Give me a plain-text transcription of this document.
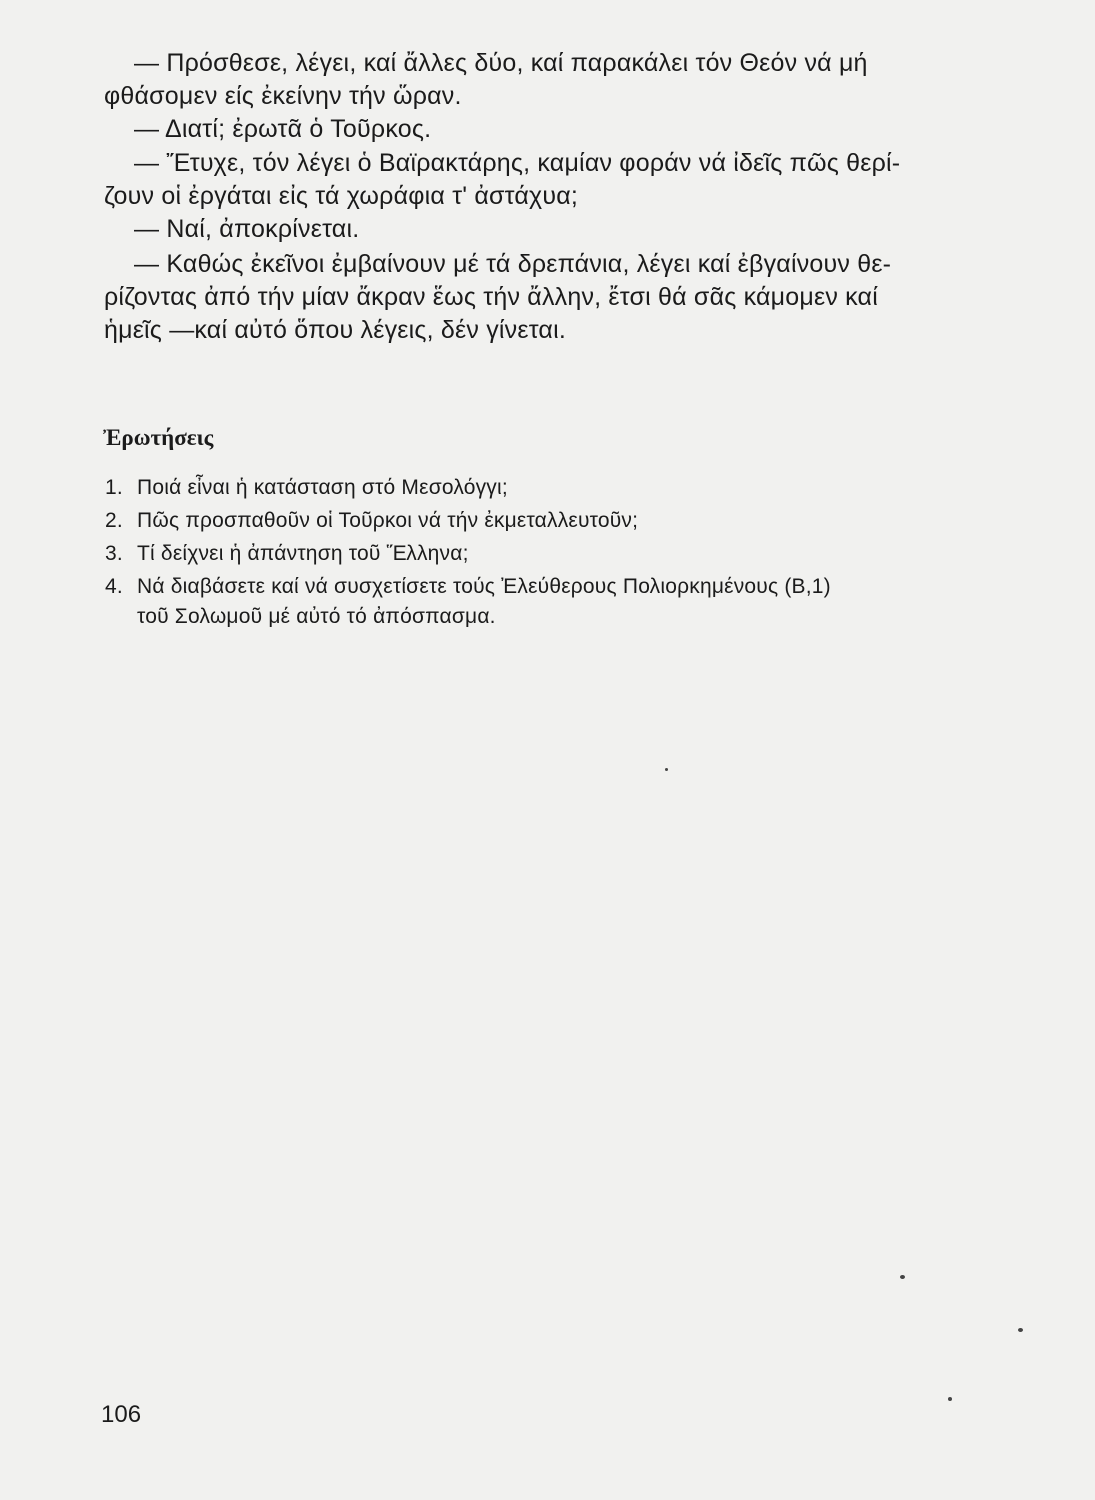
— Πρόσθεσε, λέγει, καί ἄλλες δύο, καί παρακάλει τόν Θεόν νά μή
φθάσομεν είς ἐκείνην τήν ὥραν.
— Διατί; ἐρωτᾶ ὁ Τοῦρκος.
— Ἔτυχε, τόν λέγει ὁ Βαϊρακτάρης, καμίαν φοράν νά ἰδεῖς πῶς θερί-
ζουν οἱ ἐργάται εἰς τά χωράφια τ' ἀστάχυα;
— Ναί, ἀποκρίνεται.
— Καθώς ἐκεῖνοι ἐμβαίνουν μέ τά δρεπάνια, λέγει καί ἐβγαίνουν θε-
ρίζοντας ἀπό τήν μίαν ἄκραν ἕως τήν ἄλλην, ἔτσι θά σᾶς κάμομεν καί
ἡμεῖς —καί αὐτό ὅπου λέγεις, δέν γίνεται.
Ἐρωτήσεις
1. Ποιά εἶναι ἡ κατάσταση στό Μεσολόγγι;
2. Πῶς προσπαθοῦν οἱ Τοῦρκοι νά τήν ἐκμεταλλευτοῦν;
3. Τί δείχνει ἡ ἀπάντηση τοῦ Ἕλληνα;
4. Νά διαβάσετε καί νά συσχετίσετε τούς Ἐλεύθερους Πολιορκημένους (Β,1)
τοῦ Σολωμοῦ μέ αὐτό τό ἀπόσπασμα.
106
